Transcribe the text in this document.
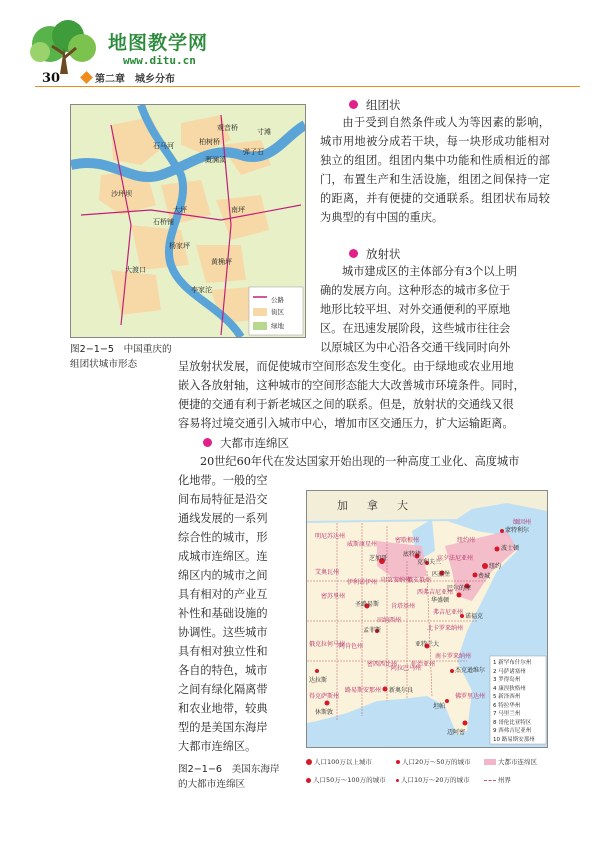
地图教学网
www.ditu.cn
30	第二章　城乡分布
观音桥
石马河	柏树桥
寸滩
溉澜溪
弹子石
沙坪坝
大坪	南坪
石桥铺
杨家坪
黄桷坪
大渡口
李家沱
公路
街区
绿地
图2−1−5　中国重庆的
组团状城市形态
组团状
由于受到自然条件或人为等因素的影响，城市用地被分成若干块，每一块形成功能相对独立的组团。组团内集中功能和性质相近的部门，布置生产和生活设施，组团之间保持一定的距离，并有便捷的交通联系。组团状布局较为典型的有中国的重庆。
放射状
城市建成区的主体部分有3个以上明
确的发展方向。这种形态的城市多位于
地形比较平坦、对外交通便利的平原地
区。在迅速发展阶段，这些城市往往会
以原城区为中心沿各交通干线同时向外
呈放射状发展，而促使城市空间形态发生变化。由于绿地或农业用地
嵌入各放射轴，这种城市的空间形态能大大改善城市环境条件。同时，
便捷的交通有利于新老城区之间的联系。但是，放射状的交通线又很
容易将过境交通引入城市中心，增加市区交通压力，扩大运输距离。
大都市连绵区
20世纪60年代在发达国家开始出现的一种高度工业化、高度城市
化地带。一般的空
间布局特征是沿交
通线发展的一系列
综合性的城市，形
成城市连绵区。连
绵区内的城市之间
具有相对的产业互
补性和基础设施的
协调性。这些城市
具有相对独立性和
各自的特色，城市
之间有绿化隔离带
和农业地带，较典
型的是美国东海岸
大都市连绵区。
加　拿　大
波士顿
纽约
费城
巴尔的摩
华盛顿
匹兹堡
底特律
芝加哥
克利夫兰
诺福克
亚特兰大
圣路易斯
孟菲斯
新奥尔良
休斯敦
迈阿密
杰克逊维尔
坦帕
达拉斯
蒙特利尔
明尼苏达州
威斯康星州
艾奥瓦州
伊利诺伊州
密苏里州
印第安纳州
俄亥俄州
宾夕法尼亚州
纽约州
弗吉尼亚州
北卡罗来纳州
南卡罗来纳州
田纳西州
佐治亚州
阿拉巴马州
密西西比州
阿肯色州
路易斯安那州
佛罗里达州
肯塔基州
西弗吉尼亚州
俄克拉何马州
得克萨斯州
密歇根州
缅因州
1 新罕布什尔州
2 马萨诸塞州
3 罗得岛州
4 康涅狄格州
5 新泽西州
6 特拉华州
7 马里兰州
8 哥伦比亚特区
9 西弗吉尼亚州
10 路易斯安那州
人口100万以上城市	人口20万～50万的城市	大都市连绵区
人口50万～100万的城市	人口10万～20万的城市	州界
图2−1−6　美国东海岸
的大都市连绵区
